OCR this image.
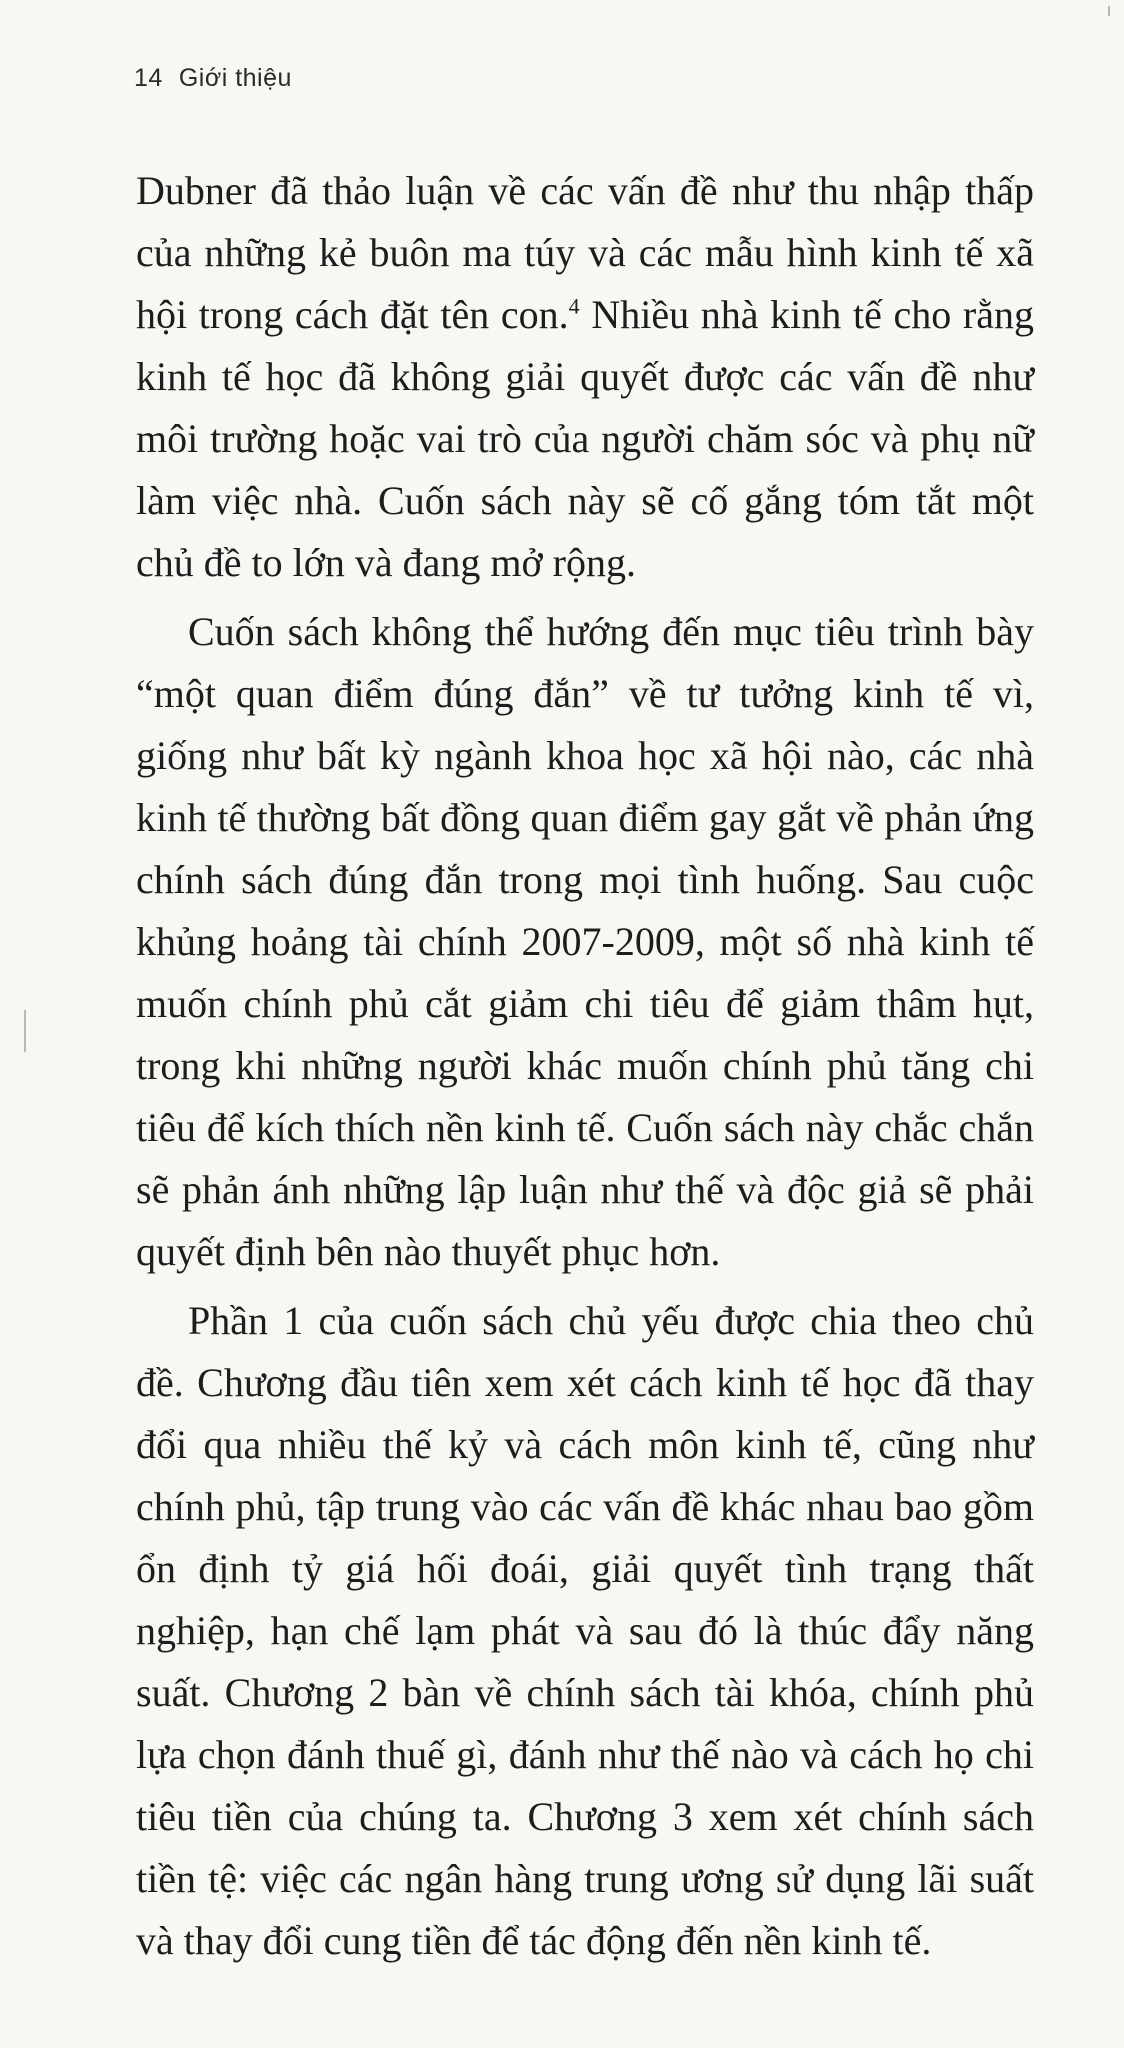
14 Giới thiệu

Dubner đã thảo luận về các vấn đề như thu nhập thấp của những kẻ buôn ma túy và các mẫu hình kinh tế xã hội trong cách đặt tên con.$^4$ Nhiều nhà kinh tế cho rằng kinh tế học đã không giải quyết được các vấn đề như môi trường hoặc vai trò của người chăm sóc và phụ nữ làm việc nhà. Cuốn sách này sẽ cố gắng tóm tắt một chủ đề to lớn và đang mở rộng.

Cuốn sách không thể hướng đến mục tiêu trình bày “một quan điểm đúng đắn” về tư tưởng kinh tế vì, giống như bất kỳ ngành khoa học xã hội nào, các nhà kinh tế thường bất đồng quan điểm gay gắt về phản ứng chính sách đúng đắn trong mọi tình huống. Sau cuộc khủng hoảng tài chính 2007-2009, một số nhà kinh tế muốn chính phủ cắt giảm chi tiêu để giảm thâm hụt, trong khi những người khác muốn chính phủ tăng chi tiêu để kích thích nền kinh tế. Cuốn sách này chắc chắn sẽ phản ánh những lập luận như thế và độc giả sẽ phải quyết định bên nào thuyết phục hơn.

Phần 1 của cuốn sách chủ yếu được chia theo chủ đề. Chương đầu tiên xem xét cách kinh tế học đã thay đổi qua nhiều thế kỷ và cách môn kinh tế, cũng như chính phủ, tập trung vào các vấn đề khác nhau bao gồm ổn định tỷ giá hối đoái, giải quyết tình trạng thất nghiệp, hạn chế lạm phát và sau đó là thúc đẩy năng suất. Chương 2 bàn về chính sách tài khóa, chính phủ lựa chọn đánh thuế gì, đánh như thế nào và cách họ chi tiêu tiền của chúng ta. Chương 3 xem xét chính sách tiền tệ: việc các ngân hàng trung ương sử dụng lãi suất và thay đổi cung tiền để tác động đến nền kinh tế.
